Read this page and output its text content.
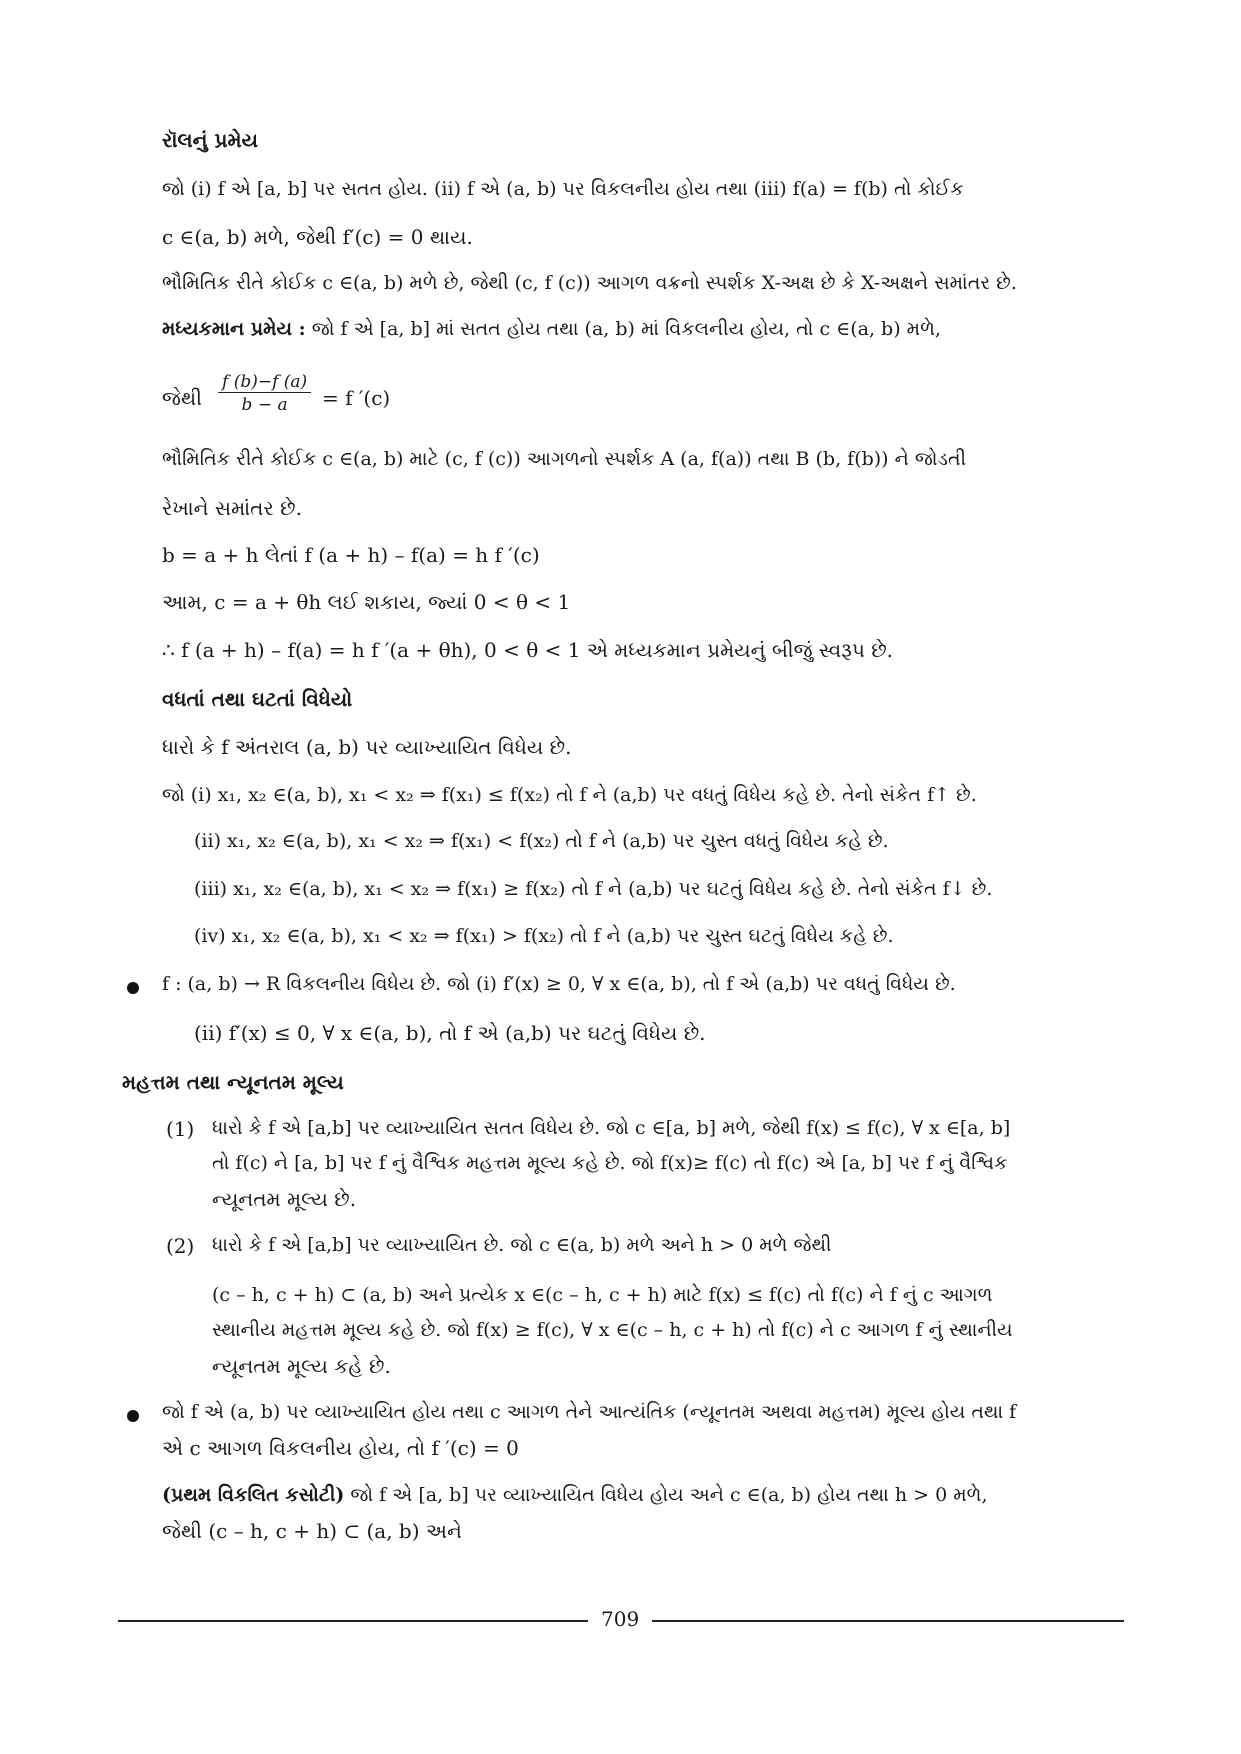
રૉલનું પ્રમેય
જો (i) f એ [a, b] પર સતત હોય. (ii) f એ (a, b) પર વિકલનીય હોય તથા (iii) f(a) = f(b) તો કોઈક
c ∈(a, b) મળે, જેથી f′(c) = 0 થાય.
ભૌમિતિક રીતે કોઈક c ∈(a, b) મળે છે, જેથી (c, f (c)) આગળ વક્રનો સ્પર્શક X-અક્ષ છે કે X-અક્ષને સમાંતર છે.
મધ્યકમાન પ્રમેય : જો f એ [a, b] માં સતત હોય તથા (a, b) માં વિકલનીય હોય, તો c ∈(a, b) મળે,
જેથી $\frac{f (b)-f (a)}{b - a} = f$ ′(c)
ભૌમિતિક રીતે કોઈક c ∈(a, b) માટે (c, f (c)) આગળનો સ્પર્શક A (a, f(a)) તથા B (b, f(b)) ને જોડતી
રેખાને સમાંતર છે.
b = a + h લેતાં f (a + h) – f(a) = h f ′(c)
આમ, c = a + θh લઈ શકાય, જ્યાં 0 < θ < 1
∴ f (a + h) – f(a) = h f ′(a + θh), 0 < θ < 1 એ મધ્યકમાન પ્રમેયનું બીજું સ્વરૂપ છે.
વધતાં તથા ઘટતાં વિધેયો
ધારો કે f અંતરાલ (a, b) પર વ્યાખ્યાયિત વિધેય છે.
જો (i) x₁, x₂ ∈(a, b), x₁ < x₂ ⇒ f(x₁) ≤ f(x₂) તો f ને (a,b) પર વધતું વિધેય કહે છે. તેનો સંકેત f↑ છે.
(ii) x₁, x₂ ∈(a, b), x₁ < x₂ ⇒ f(x₁) < f(x₂) તો f ને (a,b) પર ચુસ્ત વધતું વિધેય કહે છે.
(iii) x₁, x₂ ∈(a, b), x₁ < x₂ ⇒ f(x₁) ≥ f(x₂) તો f ને (a,b) પર ઘટતું વિધેય કહે છે. તેનો સંકેત f↓ છે.
(iv) x₁, x₂ ∈(a, b), x₁ < x₂ ⇒ f(x₁) > f(x₂) તો f ને (a,b) પર ચુસ્ત ઘટતું વિધેય કહે છે.
f : (a, b) → R વિકલનીય વિધેય છે. જો (i) f′(x) ≥ 0, ∀ x ∈(a, b), તો f એ (a,b) પર વધતું વિધેય છે.
(ii) f′(x) ≤ 0, ∀ x ∈(a, b), તો f એ (a,b) પર ઘટતું વિધેય છે.
મહત્તમ તથા ન્યૂનતમ મૂલ્ય
(1) ધારો કે f એ [a,b] પર વ્યાખ્યાયિત સતત વિધેય છે. જો c ∈[a, b] મળે, જેથી f(x) ≤ f(c), ∀ x ∈[a, b]
તો f(c) ને [a, b] પર f નું વૈશ્વિક મહત્તમ મૂલ્ય કહે છે. જો f(x)≥ f(c) તો f(c) એ [a, b] પર f નું વૈશ્વિક
ન્યૂનતમ મૂલ્ય છે.
(2) ધારો કે f એ [a,b] પર વ્યાખ્યાયિત છે. જો c ∈(a, b) મળે અને h > 0 મળે જેથી
(c – h, c + h) ⊂ (a, b) અને પ્રત્યેક x ∈(c – h, c + h) માટે f(x) ≤ f(c) તો f(c) ને f નું c આગળ
સ્થાનીય મહત્તમ મૂલ્ય કહે છે. જો f(x) ≥ f(c), ∀ x ∈(c – h, c + h) તો f(c) ને c આગળ f નું સ્થાનીય
ન્યૂનતમ મૂલ્ય કહે છે.
જો f એ (a, b) પર વ્યાખ્યાયિત હોય તથા c આગળ તેને આત્યંતિક (ન્યૂનતમ અથવા મહત્તમ) મૂલ્ય હોય તથા f
એ c આગળ વિકલનીય હોય, તો f ′(c) = 0
(પ્રથમ વિકલિત કસોટી) જો f એ [a, b] પર વ્યાખ્યાયિત વિધેય હોય અને c ∈(a, b) હોય તથા h > 0 મળે,
જેથી (c – h, c + h) ⊂ (a, b) અને
709
